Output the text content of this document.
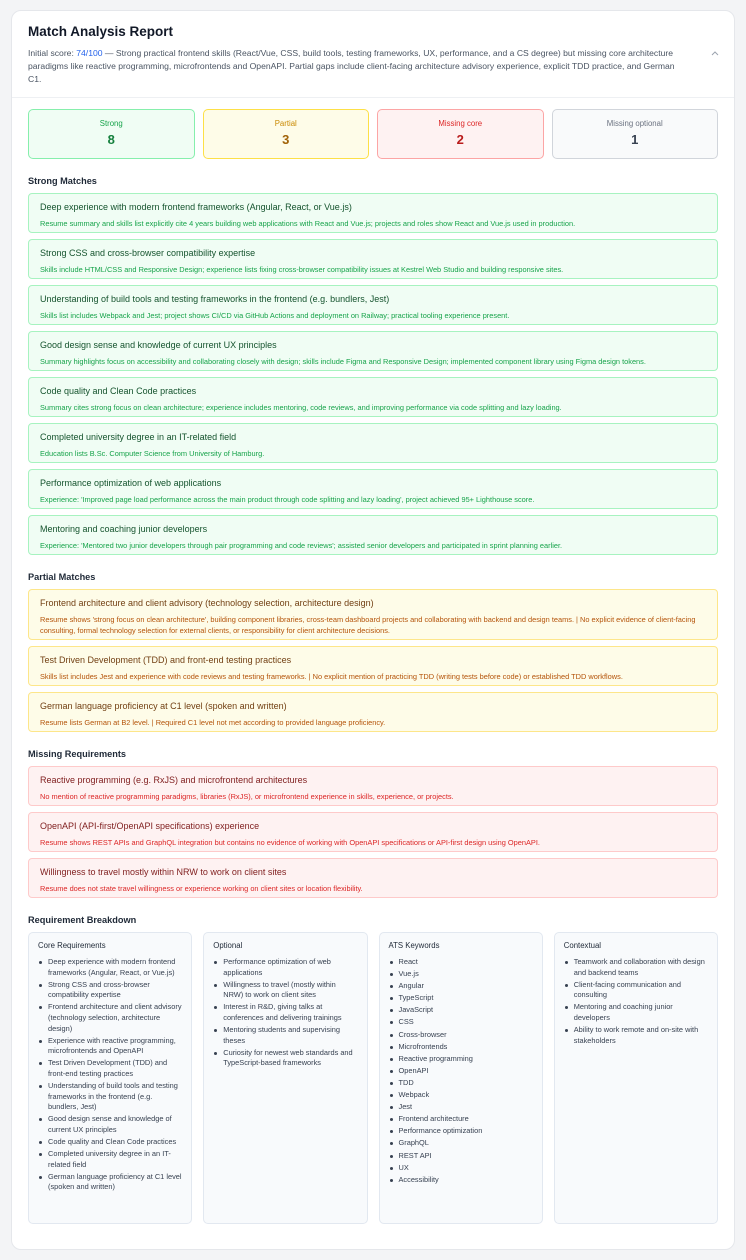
Match Analysis Report
Initial score: 74/100 — Strong practical frontend skills (React/Vue, CSS, build tools, testing frameworks, UX, performance, and a CS degree) but missing core architecture paradigms like reactive programming, microfrontends and OpenAPI. Partial gaps include client-facing architecture advisory experience, explicit TDD practice, and German C1.
Strong
8
Partial
3
Missing core
2
Missing optional
1
Strong Matches
Deep experience with modern frontend frameworks (Angular, React, or Vue.js)
Resume summary and skills list explicitly cite 4 years building web applications with React and Vue.js; projects and roles show React and Vue.js used in production.
Strong CSS and cross-browser compatibility expertise
Skills include HTML/CSS and Responsive Design; experience lists fixing cross-browser compatibility issues at Kestrel Web Studio and building responsive sites.
Understanding of build tools and testing frameworks in the frontend (e.g. bundlers, Jest)
Skills list includes Webpack and Jest; project shows CI/CD via GitHub Actions and deployment on Railway; practical tooling experience present.
Good design sense and knowledge of current UX principles
Summary highlights focus on accessibility and collaborating closely with design; skills include Figma and Responsive Design; implemented component library using Figma design tokens.
Code quality and Clean Code practices
Summary cites strong focus on clean architecture; experience includes mentoring, code reviews, and improving performance via code splitting and lazy loading.
Completed university degree in an IT-related field
Education lists B.Sc. Computer Science from University of Hamburg.
Performance optimization of web applications
Experience: 'Improved page load performance across the main product through code splitting and lazy loading', project achieved 95+ Lighthouse score.
Mentoring and coaching junior developers
Experience: 'Mentored two junior developers through pair programming and code reviews'; assisted senior developers and participated in sprint planning earlier.
Partial Matches
Frontend architecture and client advisory (technology selection, architecture design)
Resume shows 'strong focus on clean architecture', building component libraries, cross-team dashboard projects and collaborating with backend and design teams. | No explicit evidence of client-facing consulting, formal technology selection for external clients, or responsibility for client architecture decisions.
Test Driven Development (TDD) and front-end testing practices
Skills list includes Jest and experience with code reviews and testing frameworks. | No explicit mention of practicing TDD (writing tests before code) or established TDD workflows.
German language proficiency at C1 level (spoken and written)
Resume lists German at B2 level. | Required C1 level not met according to provided language proficiency.
Missing Requirements
Reactive programming (e.g. RxJS) and microfrontend architectures
No mention of reactive programming paradigms, libraries (RxJS), or microfrontend experience in skills, experience, or projects.
OpenAPI (API-first/OpenAPI specifications) experience
Resume shows REST APIs and GraphQL integration but contains no evidence of working with OpenAPI specifications or API-first design using OpenAPI.
Willingness to travel mostly within NRW to work on client sites
Resume does not state travel willingness or experience working on client sites or location flexibility.
Requirement Breakdown
Core Requirements
Deep experience with modern frontend frameworks (Angular, React, or Vue.js)
Strong CSS and cross-browser compatibility expertise
Frontend architecture and client advisory (technology selection, architecture design)
Experience with reactive programming, microfrontends and OpenAPI
Test Driven Development (TDD) and front-end testing practices
Understanding of build tools and testing frameworks in the frontend (e.g. bundlers, Jest)
Good design sense and knowledge of current UX principles
Code quality and Clean Code practices
Completed university degree in an IT-related field
German language proficiency at C1 level (spoken and written)
Optional
Performance optimization of web applications
Willingness to travel (mostly within NRW) to work on client sites
Interest in R&D, giving talks at conferences and delivering trainings
Mentoring students and supervising theses
Curiosity for newest web standards and TypeScript-based frameworks
ATS Keywords
React
Vue.js
Angular
TypeScript
JavaScript
CSS
Cross-browser
Microfrontends
Reactive programming
OpenAPI
TDD
Webpack
Jest
Frontend architecture
Performance optimization
GraphQL
REST API
UX
Accessibility
Contextual
Teamwork and collaboration with design and backend teams
Client-facing communication and consulting
Mentoring and coaching junior developers
Ability to work remote and on-site with stakeholders
